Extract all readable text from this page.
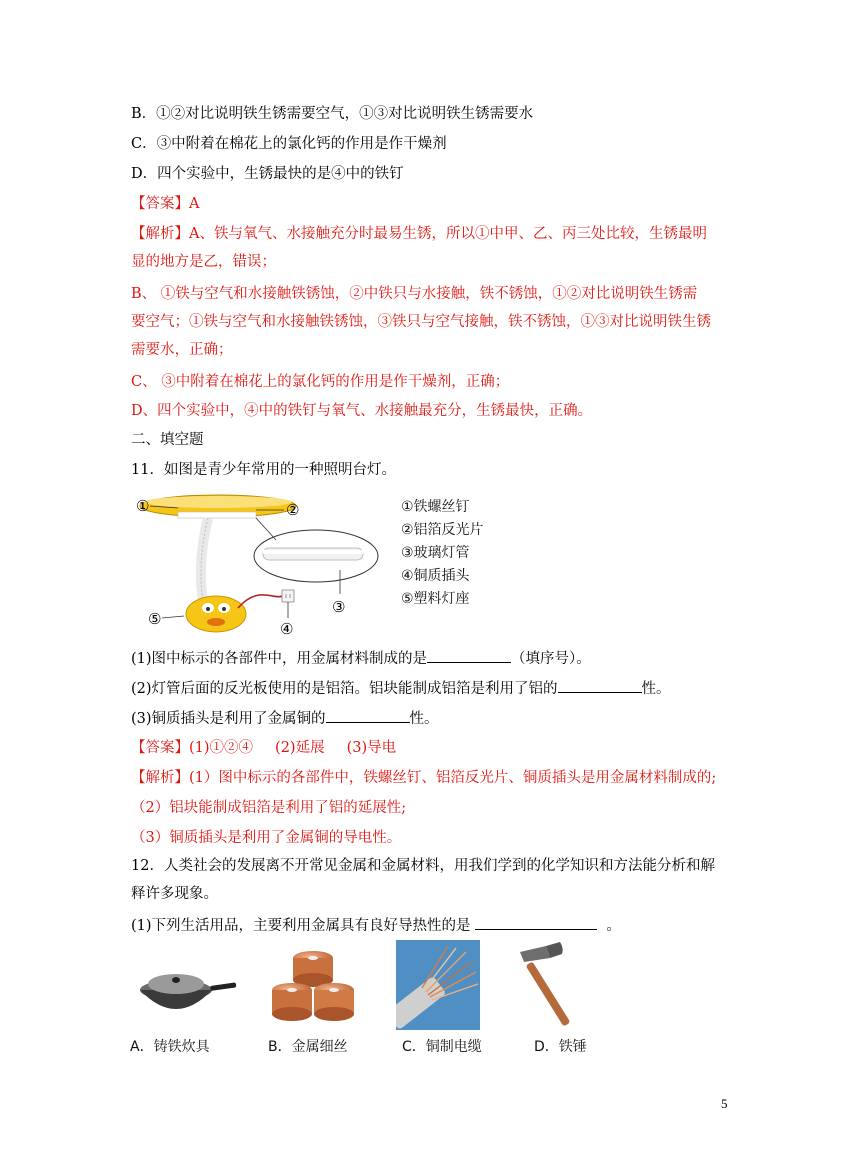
B．①②对比说明铁生锈需要空气，①③对比说明铁生锈需要水
C．③中附着在棉花上的氯化钙的作用是作干燥剂
D．四个实验中，生锈最快的是④中的铁钉
【答案】A
【解析】A、铁与氧气、水接触充分时最易生锈，所以①中甲、乙、丙三处比较，生锈最明
显的地方是乙，错误；
B、 ①铁与空气和水接触铁锈蚀，②中铁只与水接触，铁不锈蚀，①②对比说明铁生锈需
要空气；①铁与空气和水接触铁锈蚀，③铁只与空气接触，铁不锈蚀，①③对比说明铁生锈
需要水，正确；
C、 ③中附着在棉花上的氯化钙的作用是作干燥剂，正确；
D、四个实验中，④中的铁钉与氧气、水接触最充分，生锈最快，正确。
二、填空题
11．如图是青少年常用的一种照明台灯。
①	②
③
④
⑤
①铁螺丝钉
②铝箔反光片
③玻璃灯管
④铜质插头
⑤塑料灯座
(1)图中标示的各部件中，用金属材料制成的是	（填序号）。
(2)灯管后面的反光板使用的是铝箔。铝块能制成铝箔是利用了铝的	性。
(3)铜质插头是利用了金属铜的	性。
【答案】(1)①②④ (2)延展 (3)导电
【解析】(1）图中标示的各部件中，铁螺丝钉、铝箔反光片、铜质插头是用金属材料制成的;
（2）铝块能制成铝箔是利用了铝的延展性;
（3）铜质插头是利用了金属铜的导电性。
12．人类社会的发展离不开常见金属和金属材料，用我们学到的化学知识和方法能分析和解
释许多现象。
(1)下列生活用品，主要利用金属具有良好导热性的是	。
A．铸铁炊具	B．金属细丝	C．铜制电缆	D．铁锤
5
